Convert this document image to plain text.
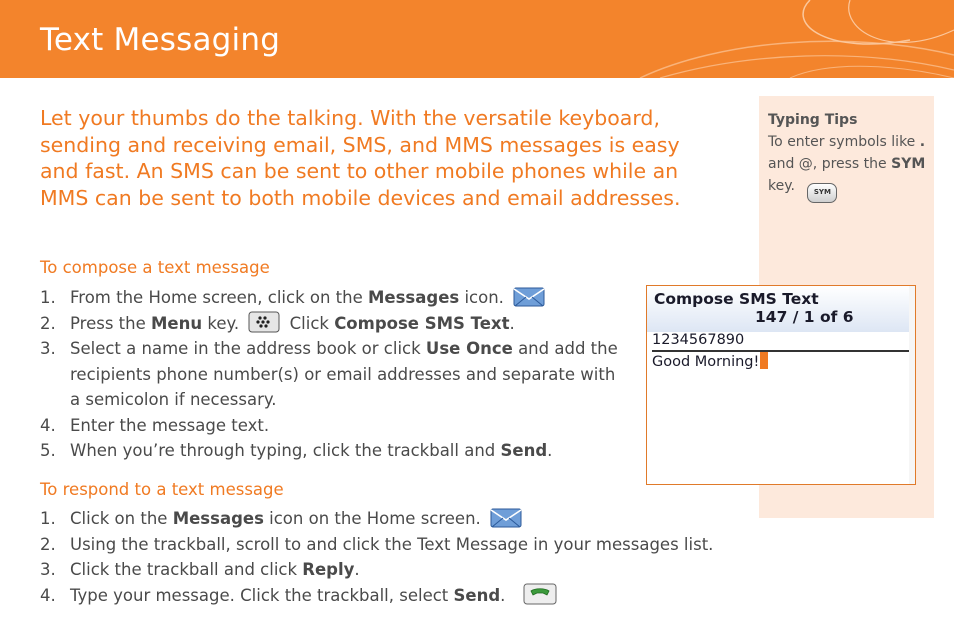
Text Messaging
Let your thumbs do the talking. With the versatile keyboard, sending and receiving email, SMS, and MMS messages is easy and fast. An SMS can be sent to other mobile phones while an MMS can be sent to both mobile devices and email addresses.
Typing Tips
To enter symbols like . and @, press the SYM key.	SYM
To compose a text message
1. From the Home screen, click on the Messages icon.
2. Press the Menu key.	Click Compose SMS Text.
3. Select a name in the address book or click Use Once and add the recipients phone number(s) or email addresses and separate with a semicolon if necessary.
4. Enter the message text.
5. When you’re through typing, click the trackball and Send.
Compose SMS Text
147 / 1 of 6
1234567890
Good Morning!
To respond to a text message
1. Click on the Messages icon on the Home screen.
2. Using the trackball, scroll to and click the Text Message in your messages list.
3. Click the trackball and click Reply.
4. Type your message. Click the trackball, select Send.
